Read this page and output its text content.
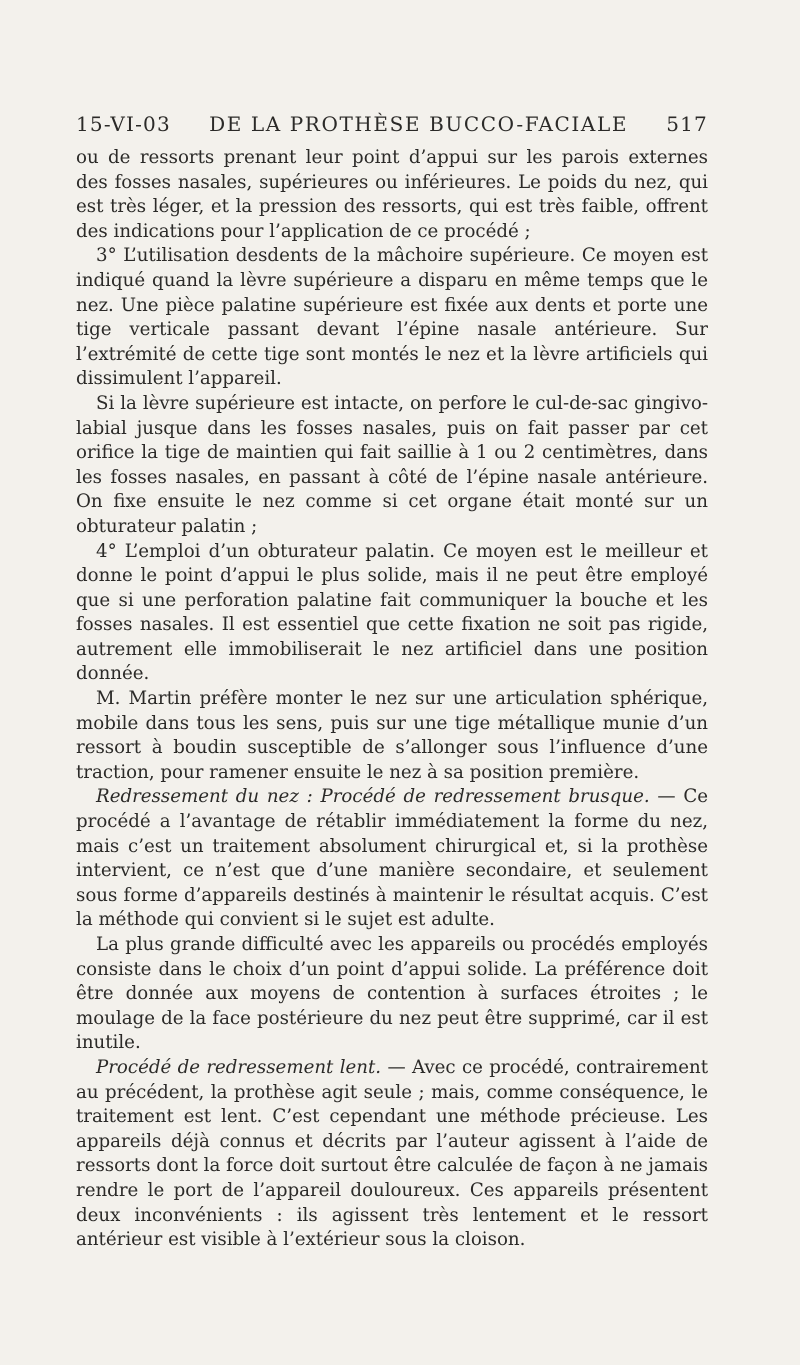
15-VI-03 DE LA PROTHÈSE BUCCO-FACIALE 517

ou de ressorts prenant leur point d’appui sur les parois externes des fosses nasales, supérieures ou inférieures. Le poids du nez, qui est très léger, et la pression des ressorts, qui est très faible, offrent des indications pour l’application de ce procédé ;

3° L’utilisation desdents de la mâchoire supérieure. Ce moyen est indiqué quand la lèvre supérieure a disparu en même temps que le nez. Une pièce palatine supérieure est fixée aux dents et porte une tige verticale passant devant l’épine nasale antérieure. Sur l’extrémité de cette tige sont montés le nez et la lèvre artificiels qui dissimulent l’appareil.

Si la lèvre supérieure est intacte, on perfore le cul-de-sac gingivo-labial jusque dans les fosses nasales, puis on fait passer par cet orifice la tige de maintien qui fait saillie à 1 ou 2 centimètres, dans les fosses nasales, en passant à côté de l’épine nasale antérieure. On fixe ensuite le nez comme si cet organe était monté sur un obturateur palatin ;

4° L’emploi d’un obturateur palatin. Ce moyen est le meilleur et donne le point d’appui le plus solide, mais il ne peut être employé que si une perforation palatine fait communiquer la bouche et les fosses nasales. Il est essentiel que cette fixation ne soit pas rigide, autrement elle immobiliserait le nez artificiel dans une position donnée.

M. Martin préfère monter le nez sur une articulation sphérique, mobile dans tous les sens, puis sur une tige métallique munie d’un ressort à boudin susceptible de s’allonger sous l’influence d’une traction, pour ramener ensuite le nez à sa position première.

Redressement du nez : Procédé de redressement brusque. — Ce procédé a l’avantage de rétablir immédiatement la forme du nez, mais c’est un traitement absolument chirurgical et, si la prothèse intervient, ce n’est que d’une manière secondaire, et seulement sous forme d’appareils destinés à maintenir le résultat acquis. C’est la méthode qui convient si le sujet est adulte.

La plus grande difficulté avec les appareils ou procédés employés consiste dans le choix d’un point d’appui solide. La préférence doit être donnée aux moyens de contention à surfaces étroites ; le moulage de la face postérieure du nez peut être supprimé, car il est inutile.

Procédé de redressement lent. — Avec ce procédé, contrairement au précédent, la prothèse agit seule ; mais, comme conséquence, le traitement est lent. C’est cependant une méthode précieuse. Les appareils déjà connus et décrits par l’auteur agissent à l’aide de ressorts dont la force doit surtout être calculée de façon à ne jamais rendre le port de l’appareil douloureux. Ces appareils présentent deux inconvénients : ils agissent très lentement et le ressort antérieur est visible à l’extérieur sous la cloison.
